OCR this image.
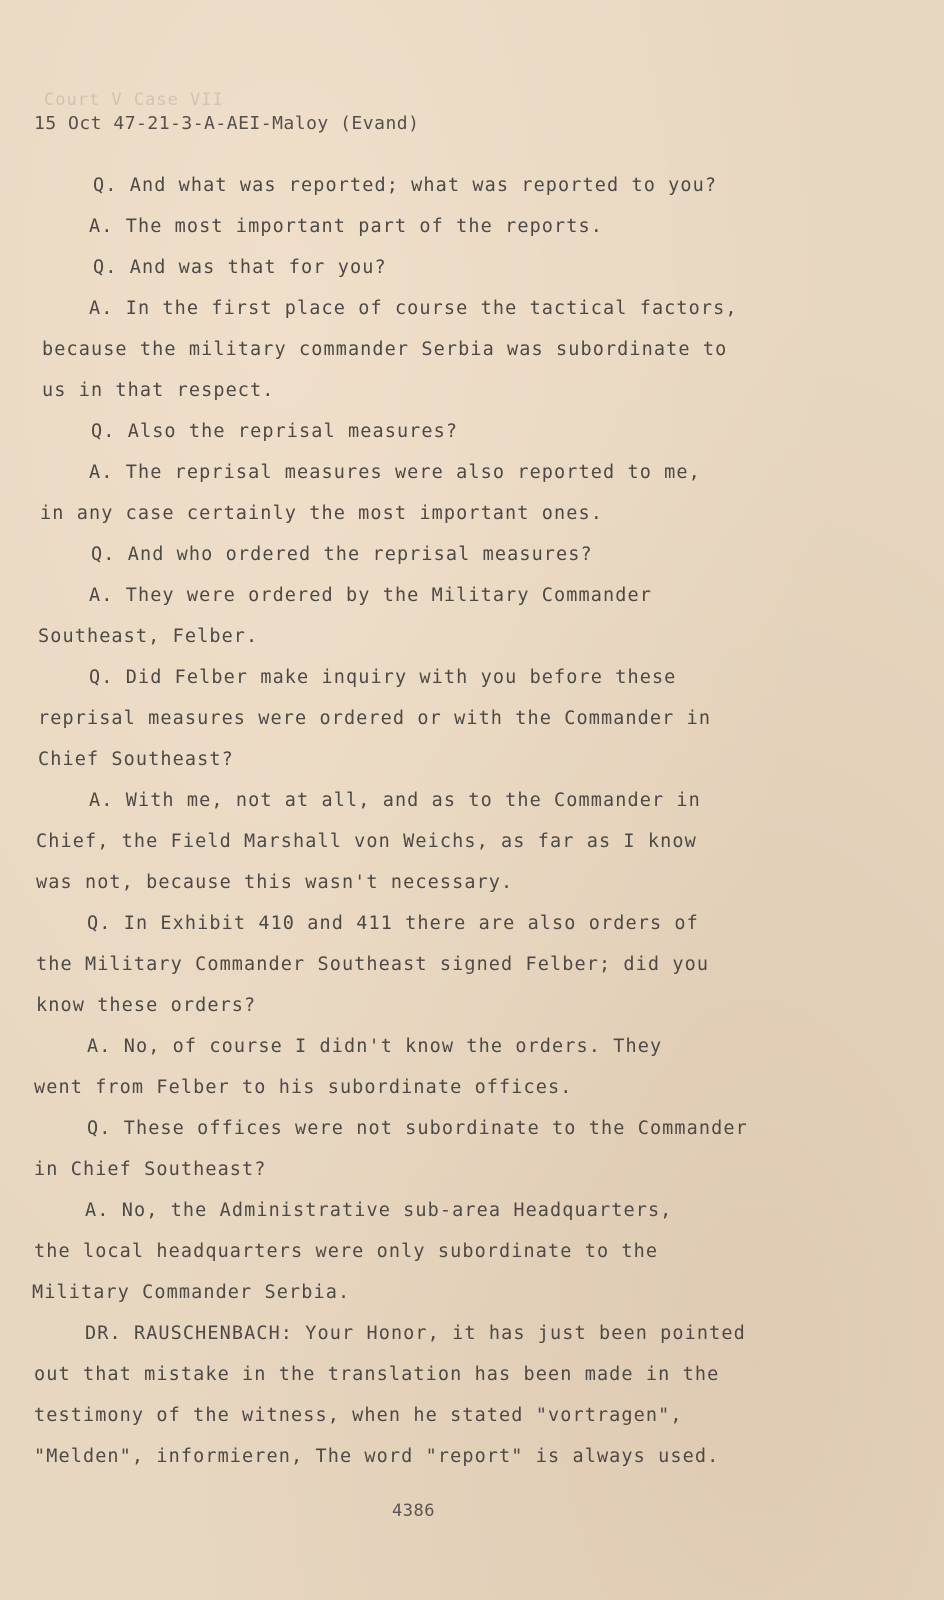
Court V Case VII
15 Oct 47-21-3-A-AEI-Maloy (Evand)
Q. And what was reported; what was reported to you?
A. The most important part of the reports.
Q. And was that for you?
A. In the first place of course the tactical factors,
because the military commander Serbia was subordinate to
us in that respect.
Q. Also the reprisal measures?
A. The reprisal measures were also reported to me,
in any case certainly the most important ones.
Q. And who ordered the reprisal measures?
A. They were ordered by the Military Commander
Southeast, Felber.
Q. Did Felber make inquiry with you before these
reprisal measures were ordered or with the Commander in
Chief Southeast?
A. With me, not at all, and as to the Commander in
Chief, the Field Marshall von Weichs, as far as I know
was not, because this wasn't necessary.
Q. In Exhibit 410 and 411 there are also orders of
the Military Commander Southeast signed Felber; did you
know these orders?
A. No, of course I didn't know the orders. They
went from Felber to his subordinate offices.
Q. These offices were not subordinate to the Commander
in Chief Southeast?
A. No, the Administrative sub-area Headquarters,
the local headquarters were only subordinate to the
Military Commander Serbia.
DR. RAUSCHENBACH: Your Honor, it has just been pointed
out that mistake in the translation has been made in the
testimony of the witness, when he stated "vortragen",
"Melden", informieren, The word "report" is always used.
4386
